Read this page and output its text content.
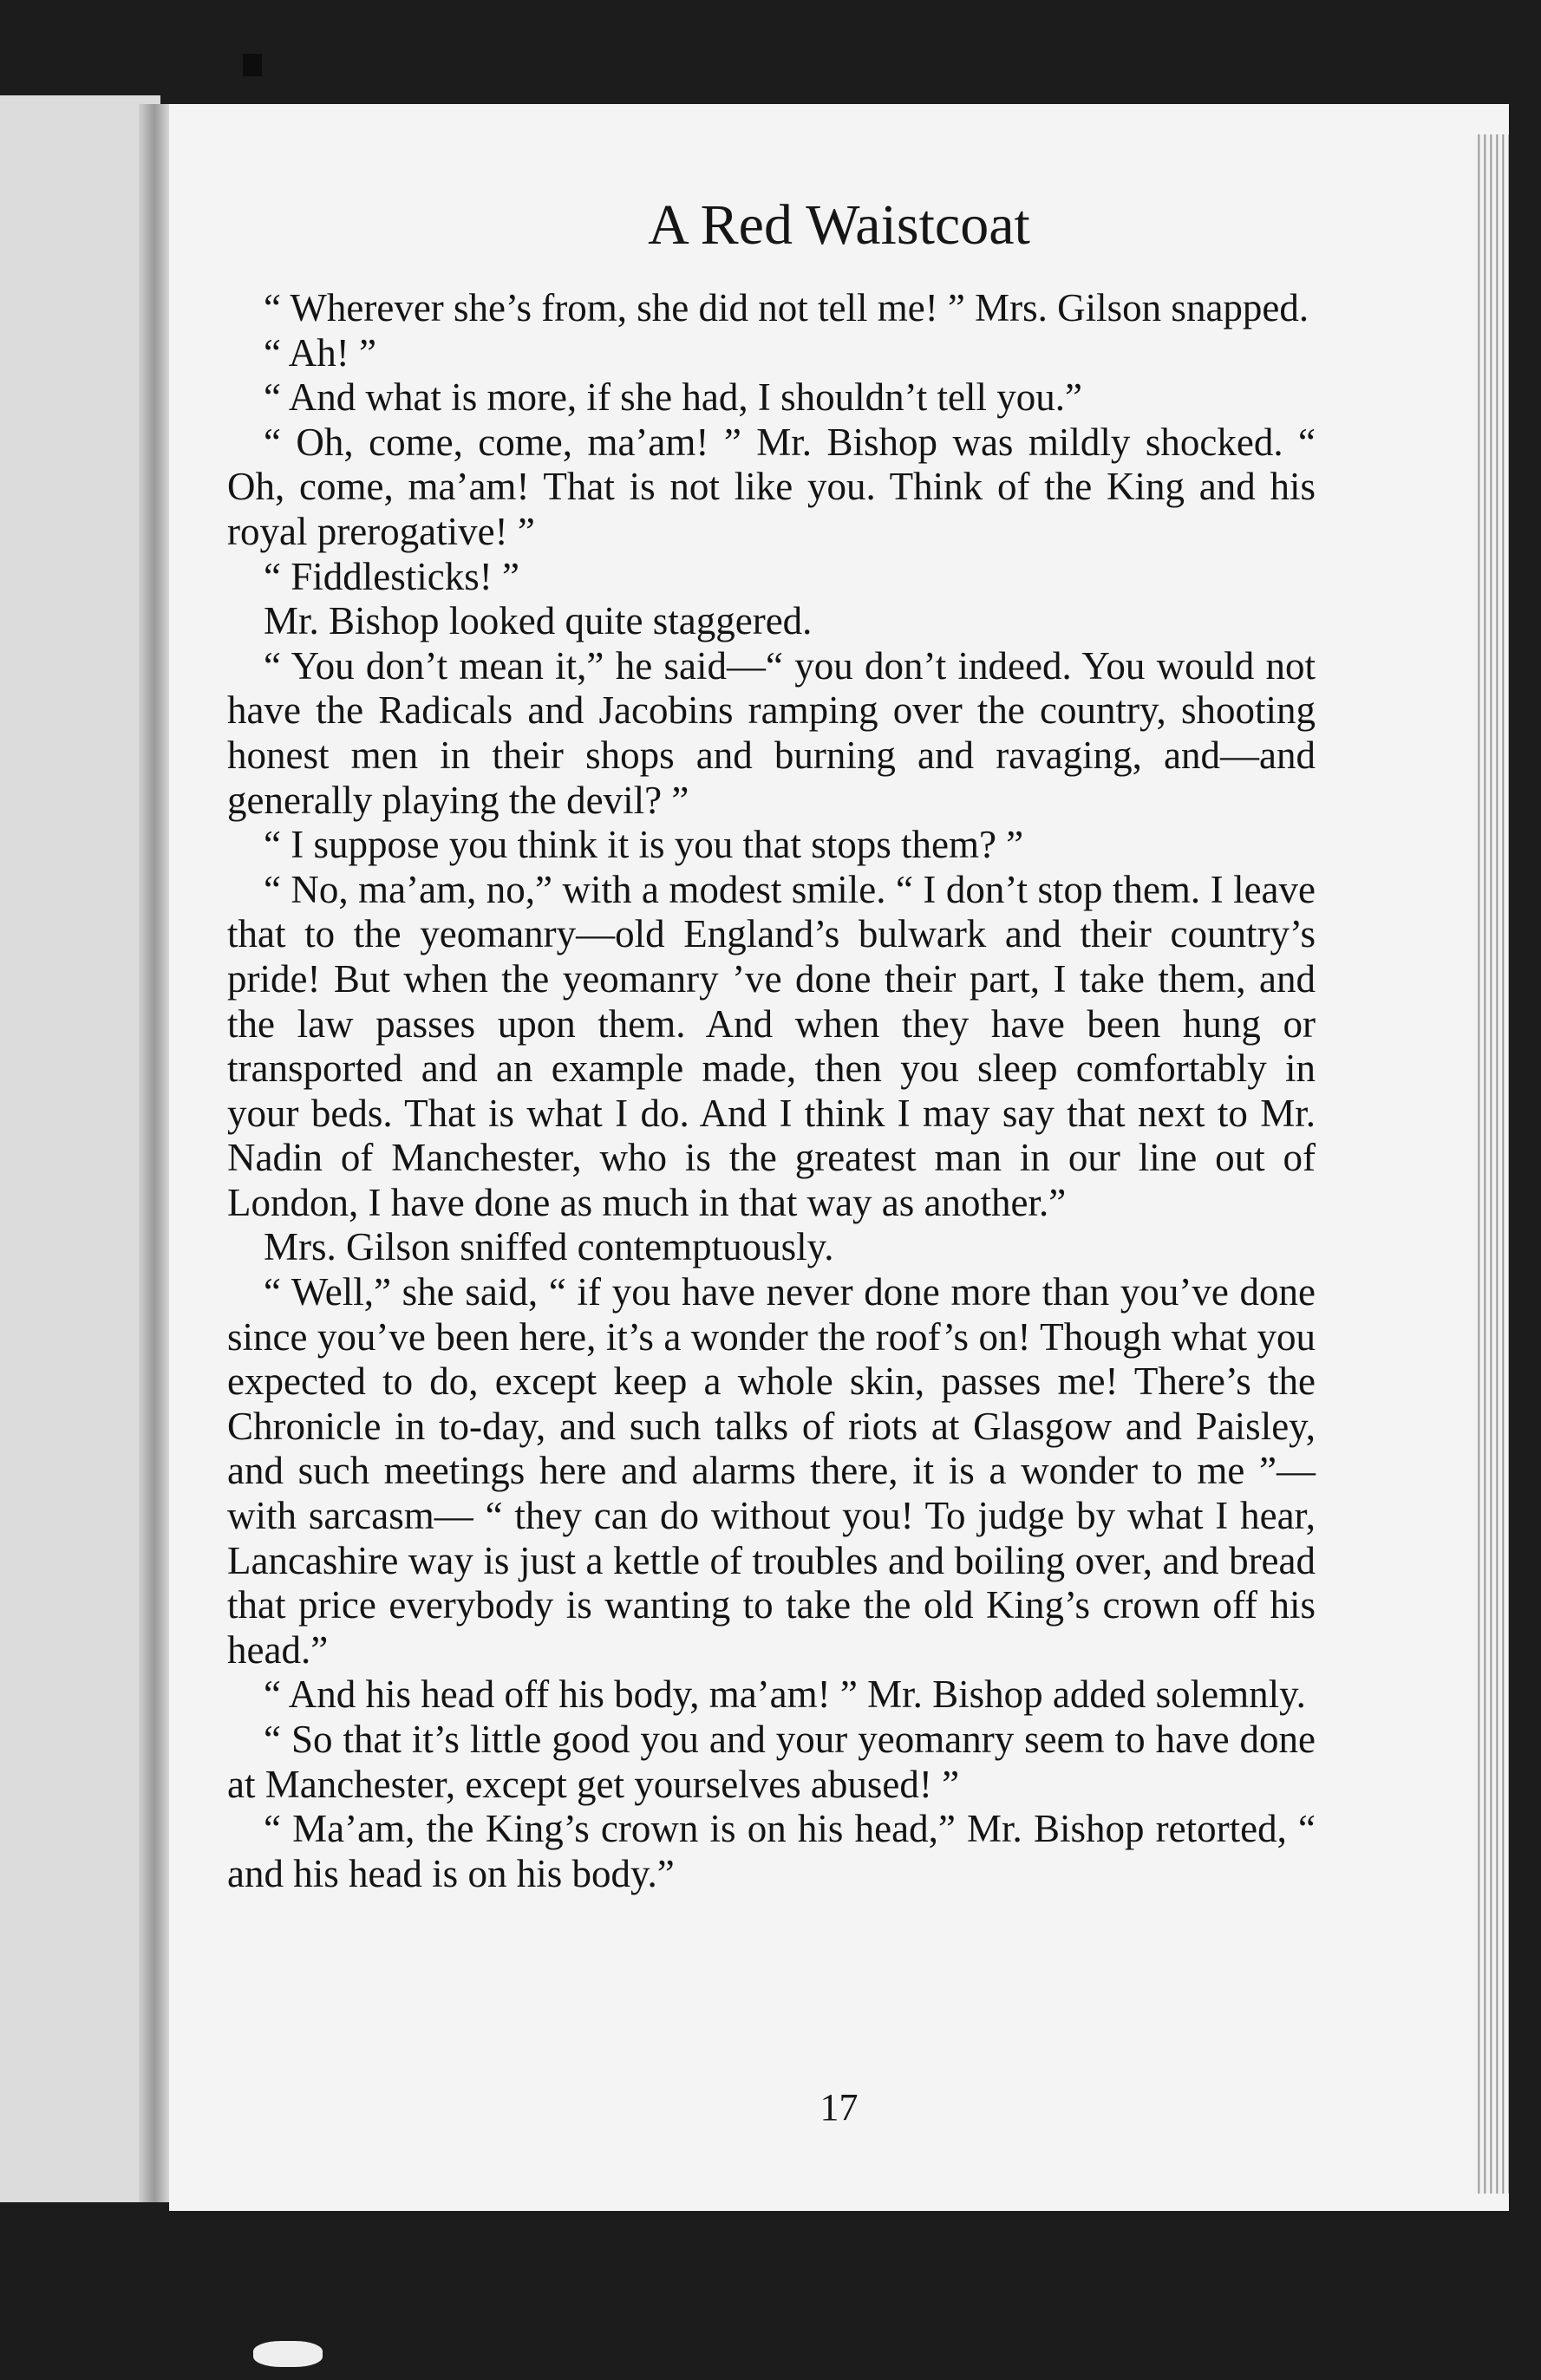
A Red Waistcoat

“ Wherever she’s from, she did not tell me! ” Mrs. Gilson snapped.

“ Ah! ”

“ And what is more, if she had, I shouldn’t tell you.”

“ Oh, come, come, ma’am! ” Mr. Bishop was mildly shocked. “ Oh, come, ma’am! That is not like you. Think of the King and his royal prerogative! ”

“ Fiddlesticks! ”

Mr. Bishop looked quite staggered.

“ You don’t mean it,” he said—“ you don’t indeed. You would not have the Radicals and Jacobins ramping over the country, shooting honest men in their shops and burning and ravaging, and—and generally playing the devil? ”

“ I suppose you think it is you that stops them? ”

“ No, ma’am, no,” with a modest smile. “ I don’t stop them. I leave that to the yeomanry—old England’s bulwark and their country’s pride! But when the yeomanry ’ve done their part, I take them, and the law passes upon them. And when they have been hung or transported and an example made, then you sleep comfortably in your beds. That is what I do. And I think I may say that next to Mr. Nadin of Manchester, who is the greatest man in our line out of London, I have done as much in that way as another.”

Mrs. Gilson sniffed contemptuously.

“ Well,” she said, “ if you have never done more than you’ve done since you’ve been here, it’s a wonder the roof’s on! Though what you expected to do, except keep a whole skin, passes me! There’s the Chronicle in to-day, and such talks of riots at Glasgow and Paisley, and such meetings here and alarms there, it is a wonder to me ”— with sarcasm— “ they can do without you! To judge by what I hear, Lancashire way is just a kettle of troubles and boiling over, and bread that price everybody is wanting to take the old King’s crown off his head.”

“ And his head off his body, ma’am! ” Mr. Bishop added solemnly.

“ So that it’s little good you and your yeomanry seem to have done at Manchester, except get yourselves abused! ”

“ Ma’am, the King’s crown is on his head,” Mr. Bishop retorted, “ and his head is on his body.”

17
